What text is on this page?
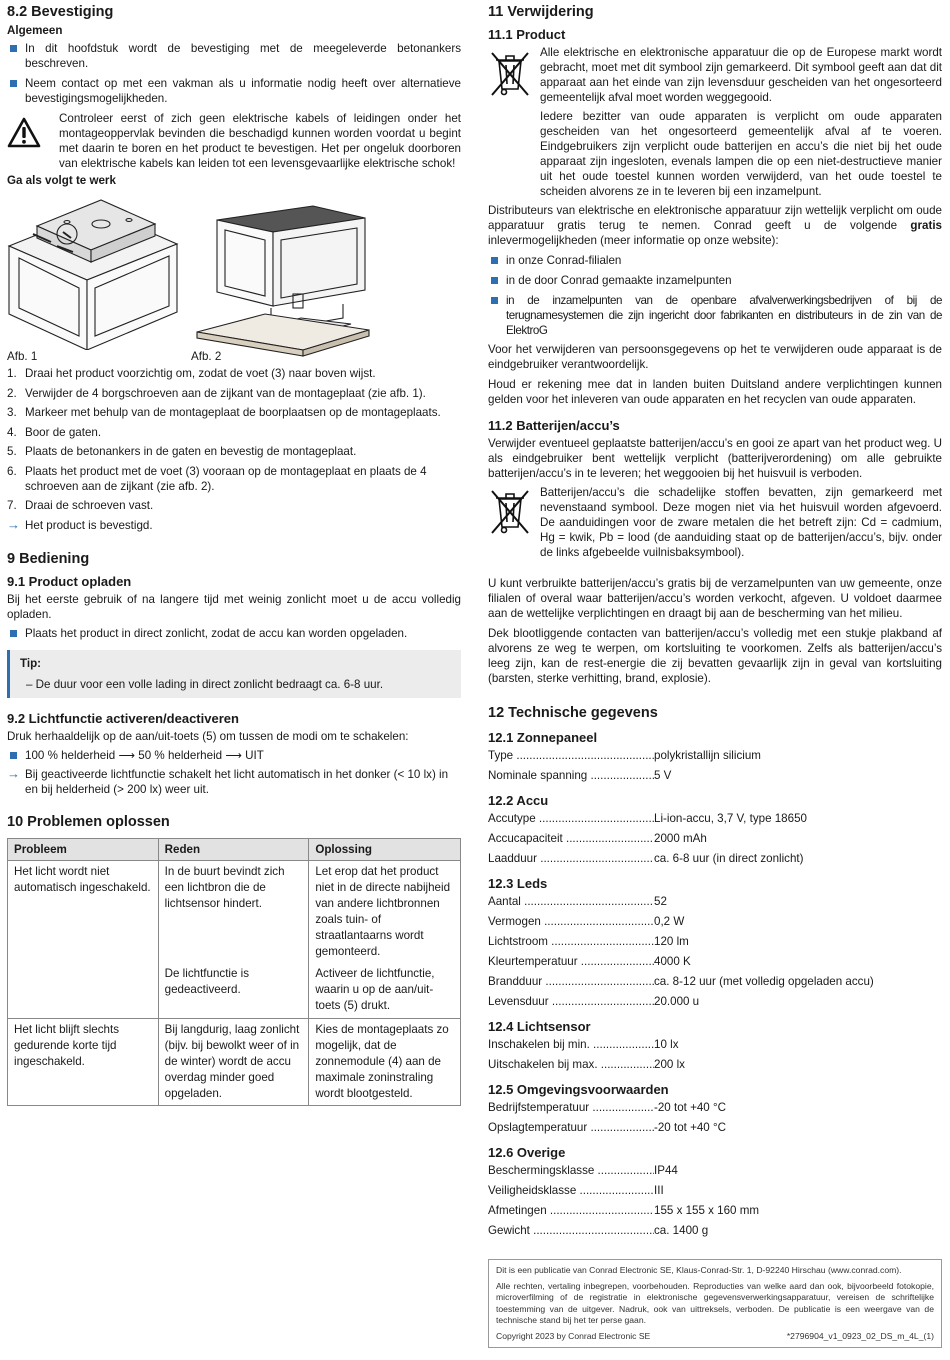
8.2 Bevestiging
Algemeen
In dit hoofdstuk wordt de bevestiging met de meegeleverde betonankers beschreven.
Neem contact op met een vakman als u informatie nodig heeft over alternatieve bevestigingsmogelijkheden.

Controleer eerst of zich geen elektrische kabels of leidingen onder het montageoppervlak bevinden die beschadigd kunnen worden voordat u begint met daarin te boren en het product te bevestigen. Het per ongeluk doorboren van elektrische kabels kan leiden tot een levensgevaarlijke elektrische schok!

Ga als volgt te werk
Afb. 1	Afb. 2
1. Draai het product voorzichtig om, zodat de voet (3) naar boven wijst.
2. Verwijder de 4 borgschroeven aan de zijkant van de montageplaat (zie afb. 1).
3. Markeer met behulp van de montageplaat de boorplaatsen op de montageplaats.
4. Boor de gaten.
5. Plaats de betonankers in de gaten en bevestig de montageplaat.
6. Plaats het product met de voet (3) vooraan op de montageplaat en plaats de 4 schroeven aan de zijkant (zie afb. 2).
7. Draai de schroeven vast.
→ Het product is bevestigd.
9 Bediening
9.1 Product opladen

Bij het eerste gebruik of na langere tijd met weinig zonlicht moet u de accu volledig opladen.

Plaats het product in direct zonlicht, zodat de accu kan worden opgeladen.
Tip:
– De duur voor een volle lading in direct zonlicht bedraagt ca. 6-8 uur.
9.2 Lichtfunctie activeren/deactiveren

Druk herhaaldelijk op de aan/uit-toets (5) om tussen de modi om te schakelen:

100 % helderheid ⟶ 50 % helderheid ⟶ UIT
→ Bij geactiveerde lichtfunctie schakelt het licht automatisch in het donker (< 10 lx) in en bij helderheid (> 200 lx) weer uit.
10 Problemen oplossen
Probleem	Reden	Oplossing
Het licht wordt niet automatisch ingeschakeld.	In de buurt bevindt zich een lichtbron die de lichtsensor hindert.	Let erop dat het product niet in de directe nabijheid van andere lichtbronnen zoals tuin- of straatlantaarns wordt gemonteerd.
	De lichtfunctie is gedeactiveerd.	Activeer de lichtfunctie, waarin u op de aan/uit-toets (5) drukt.
Het licht blijft slechts gedurende korte tijd ingeschakeld.	Bij langdurig, laag zonlicht (bijv. bij bewolkt weer of in de winter) wordt de accu overdag minder goed opgeladen.	Kies de montageplaats zo mogelijk, dat de zonnemodule (4) aan de maximale zoninstraling wordt blootgesteld.
11 Verwijdering
11.1 Product

Alle elektrische en elektronische apparatuur die op de Europese markt wordt gebracht, moet met dit symbool zijn gemarkeerd. Dit symbool geeft aan dat dit apparaat aan het einde van zijn levensduur gescheiden van het ongesorteerd gemeentelijk afval moet worden weggegooid.

Iedere bezitter van oude apparaten is verplicht om oude apparaten gescheiden van het ongesorteerd gemeentelijk afval af te voeren. Eindgebruikers zijn verplicht oude batterijen en accu’s die niet bij het oude apparaat zijn ingesloten, evenals lampen die op een niet-destructieve manier uit het oude toestel kunnen worden verwijderd, van het oude toestel te scheiden alvorens ze in te leveren bij een inzamelpunt.

Distributeurs van elektrische en elektronische apparatuur zijn wettelijk verplicht om oude apparatuur gratis terug te nemen. Conrad geeft u de volgende gratis inlevermogelijkheden (meer informatie op onze website):

in onze Conrad-filialen
in de door Conrad gemaakte inzamelpunten
in de inzamelpunten van de openbare afvalverwerkingsbedrijven of bij de terugnamesystemen die zijn ingericht door fabrikanten en distributeurs in de zin van de ElektroG

Voor het verwijderen van persoonsgegevens op het te verwijderen oude apparaat is de eindgebruiker verantwoordelijk.

Houd er rekening mee dat in landen buiten Duitsland andere verplichtingen kunnen gelden voor het inleveren van oude apparaten en het recyclen van oude apparaten.

11.2 Batterijen/accu’s

Verwijder eventueel geplaatste batterijen/accu’s en gooi ze apart van het product weg. U als eindgebruiker bent wettelijk verplicht (batterijverordening) om alle gebruikte batterijen/accu’s in te leveren; het weggooien bij het huisvuil is verboden.

Batterijen/accu’s die schadelijke stoffen bevatten, zijn gemarkeerd met nevenstaand symbool. Deze mogen niet via het huisvuil worden afgevoerd. De aanduidingen voor de zware metalen die het betreft zijn: Cd = cadmium, Hg = kwik, Pb = lood (de aanduiding staat op de batterijen/accu’s, bijv. onder de links afgebeelde vuilnisbaksymbool).

U kunt verbruikte batterijen/accu’s gratis bij de verzamelpunten van uw gemeente, onze filialen of overal waar batterijen/accu’s worden verkocht, afgeven. U voldoet daarmee aan de wettelijke verplichtingen en draagt bij aan de bescherming van het milieu.

Dek blootliggende contacten van batterijen/accu’s volledig met een stukje plakband af alvorens ze weg te werpen, om kortsluiting te voorkomen. Zelfs als batterijen/accu’s leeg zijn, kan de rest-energie die zij bevatten gevaarlijk zijn in geval van kortsluiting (barsten, sterke verhitting, brand, explosie).

12 Technische gegevens
12.1 Zonnepaneel
Type .....	polykristallijn silicium
Nominale spanning .....	5 V
12.2 Accu
Accutype .....	Li-ion-accu, 3,7 V, type 18650
Accucapaciteit .....	2000 mAh
Laadduur .....	ca. 6-8 uur (in direct zonlicht)
12.3 Leds
Aantal .....	52
Vermogen .....	0,2 W
Lichtstroom .....	120 lm
Kleurtemperatuur .....	4000 K
Brandduur .....	ca. 8-12 uur (met volledig opgeladen accu)
Levensduur .....	20.000 u
12.4 Lichtsensor
Inschakelen bij min. .....	10 lx
Uitschakelen bij max. .....	200 lx
12.5 Omgevingsvoorwaarden
Bedrijfstemperatuur .....	-20 tot +40 °C
Opslagtemperatuur .....	-20 tot +40 °C
12.6 Overige
Beschermingsklasse .....	IP44
Veiligheidsklasse .....	III
Afmetingen .....	155 x 155 x 160 mm
Gewicht .....	ca. 1400 g

Dit is een publicatie van Conrad Electronic SE, Klaus-Conrad-Str. 1, D-92240 Hirschau (www.conrad.com).

Alle rechten, vertaling inbegrepen, voorbehouden. Reproducties van welke aard dan ook, bijvoorbeeld fotokopie, microverfilming of de registratie in elektronische gegevensverwerkingsapparatuur, vereisen de schriftelijke toestemming van de uitgever. Nadruk, ook van uittreksels, verboden. De publicatie is een weergave van de technische stand bij het ter perse gaan.

Copyright 2023 by Conrad Electronic SE	*2796904_v1_0923_02_DS_m_4L_(1)
